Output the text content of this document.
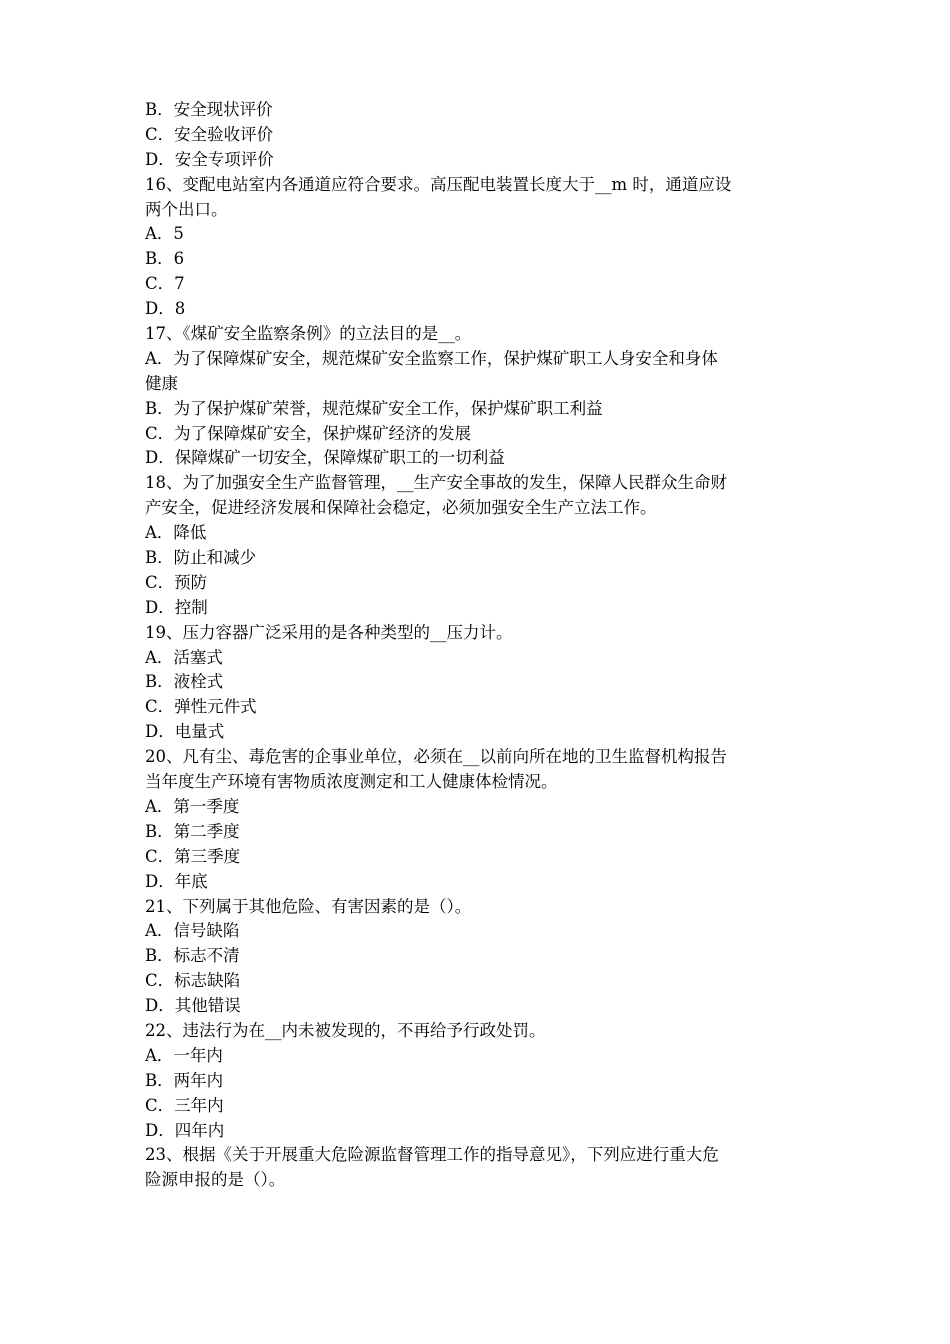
B．安全现状评价
C．安全验收评价
D．安全专项评价
16、变配电站室内各通道应符合要求。高压配电装置长度大于__m 时，通道应设
两个出口。
A．5
B．6
C．7
D．8
17、《煤矿安全监察条例》的立法目的是__。
A．为了保障煤矿安全，规范煤矿安全监察工作，保护煤矿职工人身安全和身体
健康
B．为了保护煤矿荣誉，规范煤矿安全工作，保护煤矿职工利益
C．为了保障煤矿安全，保护煤矿经济的发展
D．保障煤矿一切安全，保障煤矿职工的一切利益
18、为了加强安全生产监督管理，__生产安全事故的发生，保障人民群众生命财
产安全，促进经济发展和保障社会稳定，必须加强安全生产立法工作。
A．降低
B．防止和减少
C．预防
D．控制
19、压力容器广泛采用的是各种类型的__压力计。
A．活塞式
B．液栓式
C．弹性元件式
D．电量式
20、凡有尘、毒危害的企事业单位，必须在__以前向所在地的卫生监督机构报告
当年度生产环境有害物质浓度测定和工人健康体检情况。
A．第一季度
B．第二季度
C．第三季度
D．年底
21、下列属于其他危险、有害因素的是（）。
A．信号缺陷
B．标志不清
C．标志缺陷
D．其他错误
22、违法行为在__内未被发现的，不再给予行政处罚。
A．一年内
B．两年内
C．三年内
D．四年内
23、根据《关于开展重大危险源监督管理工作的指导意见》，下列应进行重大危
险源申报的是（）。
